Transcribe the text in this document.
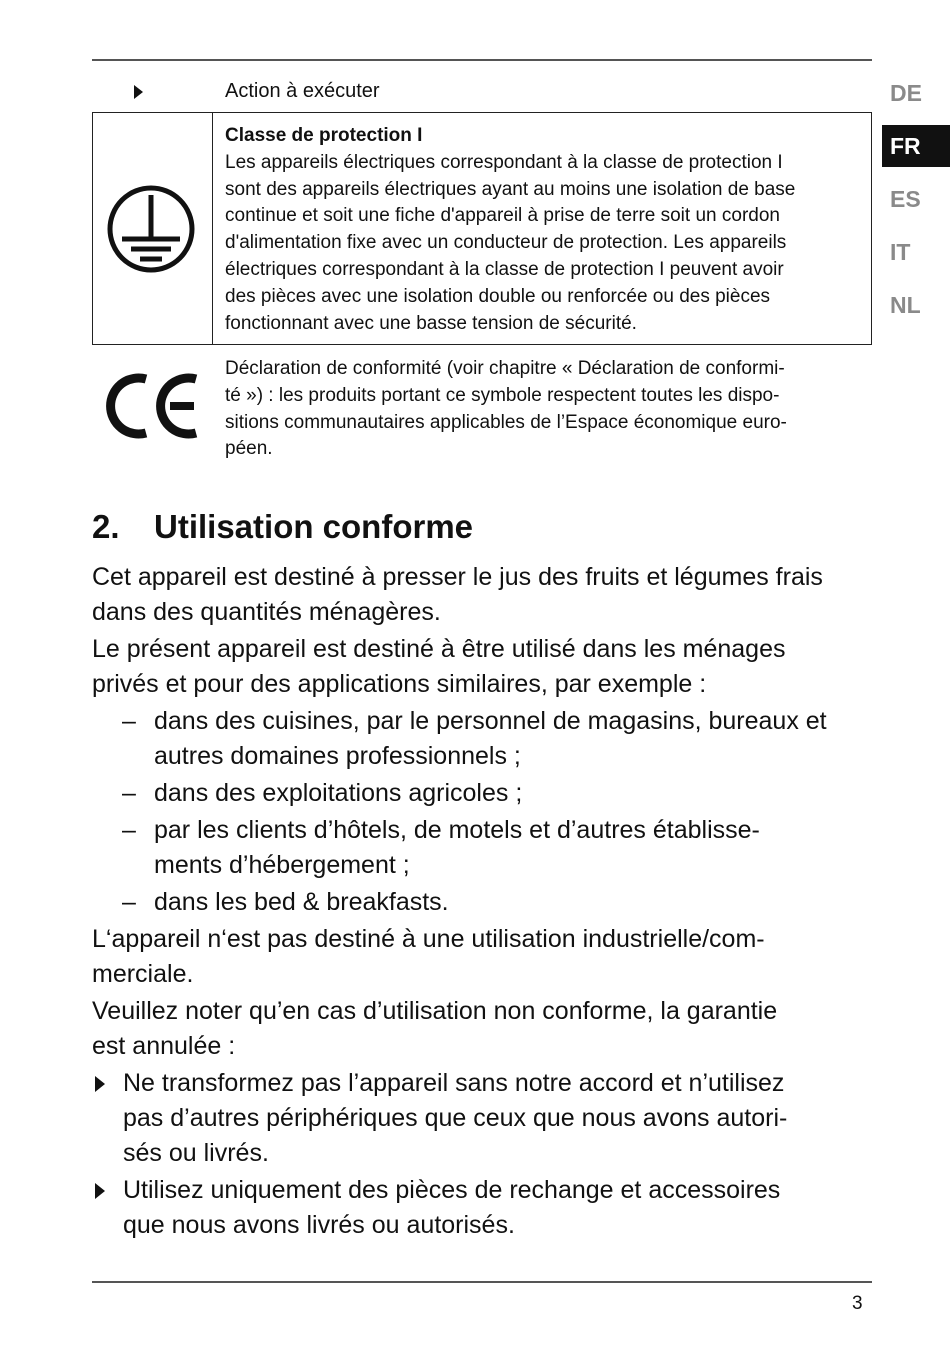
DE
FR
ES
IT
NL
Action à exécuter
Classe de protection I
Les appareils électriques correspondant à la classe de protection I
sont des appareils électriques ayant au moins une isolation de base
continue et soit une fiche d'appareil à prise de terre soit un cordon
d'alimentation fixe avec un conducteur de protection. Les appareils
électriques correspondant à la classe de protection I peuvent avoir
des pièces avec une isolation double ou renforcée ou des pièces
fonctionnant avec une basse tension de sécurité.
Déclaration de conformité (voir chapitre « Déclaration de conformi-
té ») : les produits portant ce symbole respectent toutes les dispo-
sitions communautaires applicables de l’Espace économique euro-
péen.
2. Utilisation conforme
Cet appareil est destiné à presser le jus des fruits et légumes frais
dans des quantités ménagères.
Le présent appareil est destiné à être utilisé dans les ménages
privés et pour des applications similaires, par exemple :
– dans des cuisines, par le personnel de magasins, bureaux et
autres domaines professionnels ;
– dans des exploitations agricoles ;
– par les clients d’hôtels, de motels et d’autres établisse-
ments d’hébergement ;
– dans les bed & breakfasts.
L‘appareil n‘est pas destiné à une utilisation industrielle/com-
merciale.
Veuillez noter qu’en cas d’utilisation non conforme, la garantie
est annulée :
Ne transformez pas l’appareil sans notre accord et n’utilisez
pas d’autres périphériques que ceux que nous avons autori-
sés ou livrés.
Utilisez uniquement des pièces de rechange et accessoires
que nous avons livrés ou autorisés.
3
